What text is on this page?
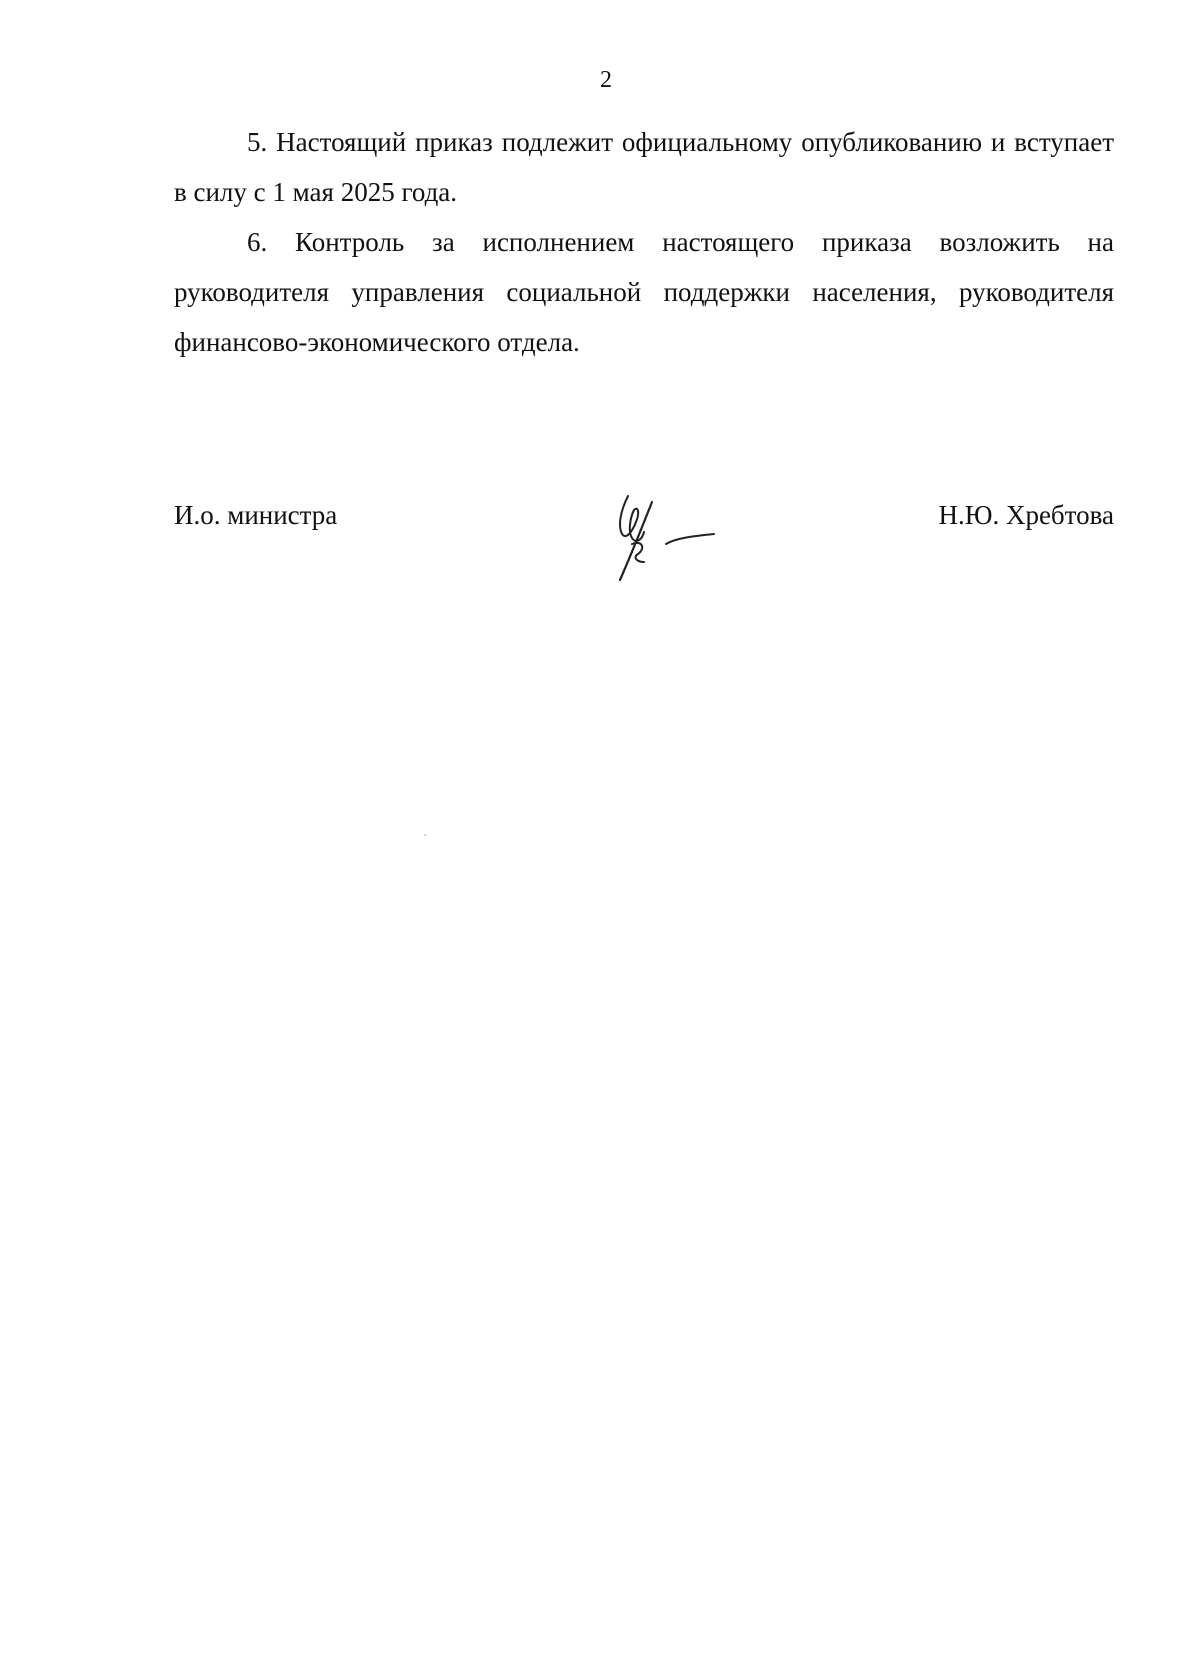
2

5. Настоящий приказ подлежит официальному опубликованию и вступает в силу с 1 мая 2025 года.

6. Контроль за исполнением настоящего приказа возложить на руководителя управления социальной поддержки населения, руководителя финансово-экономического отдела.

И.о. министра	Н.Ю. Хребтова
